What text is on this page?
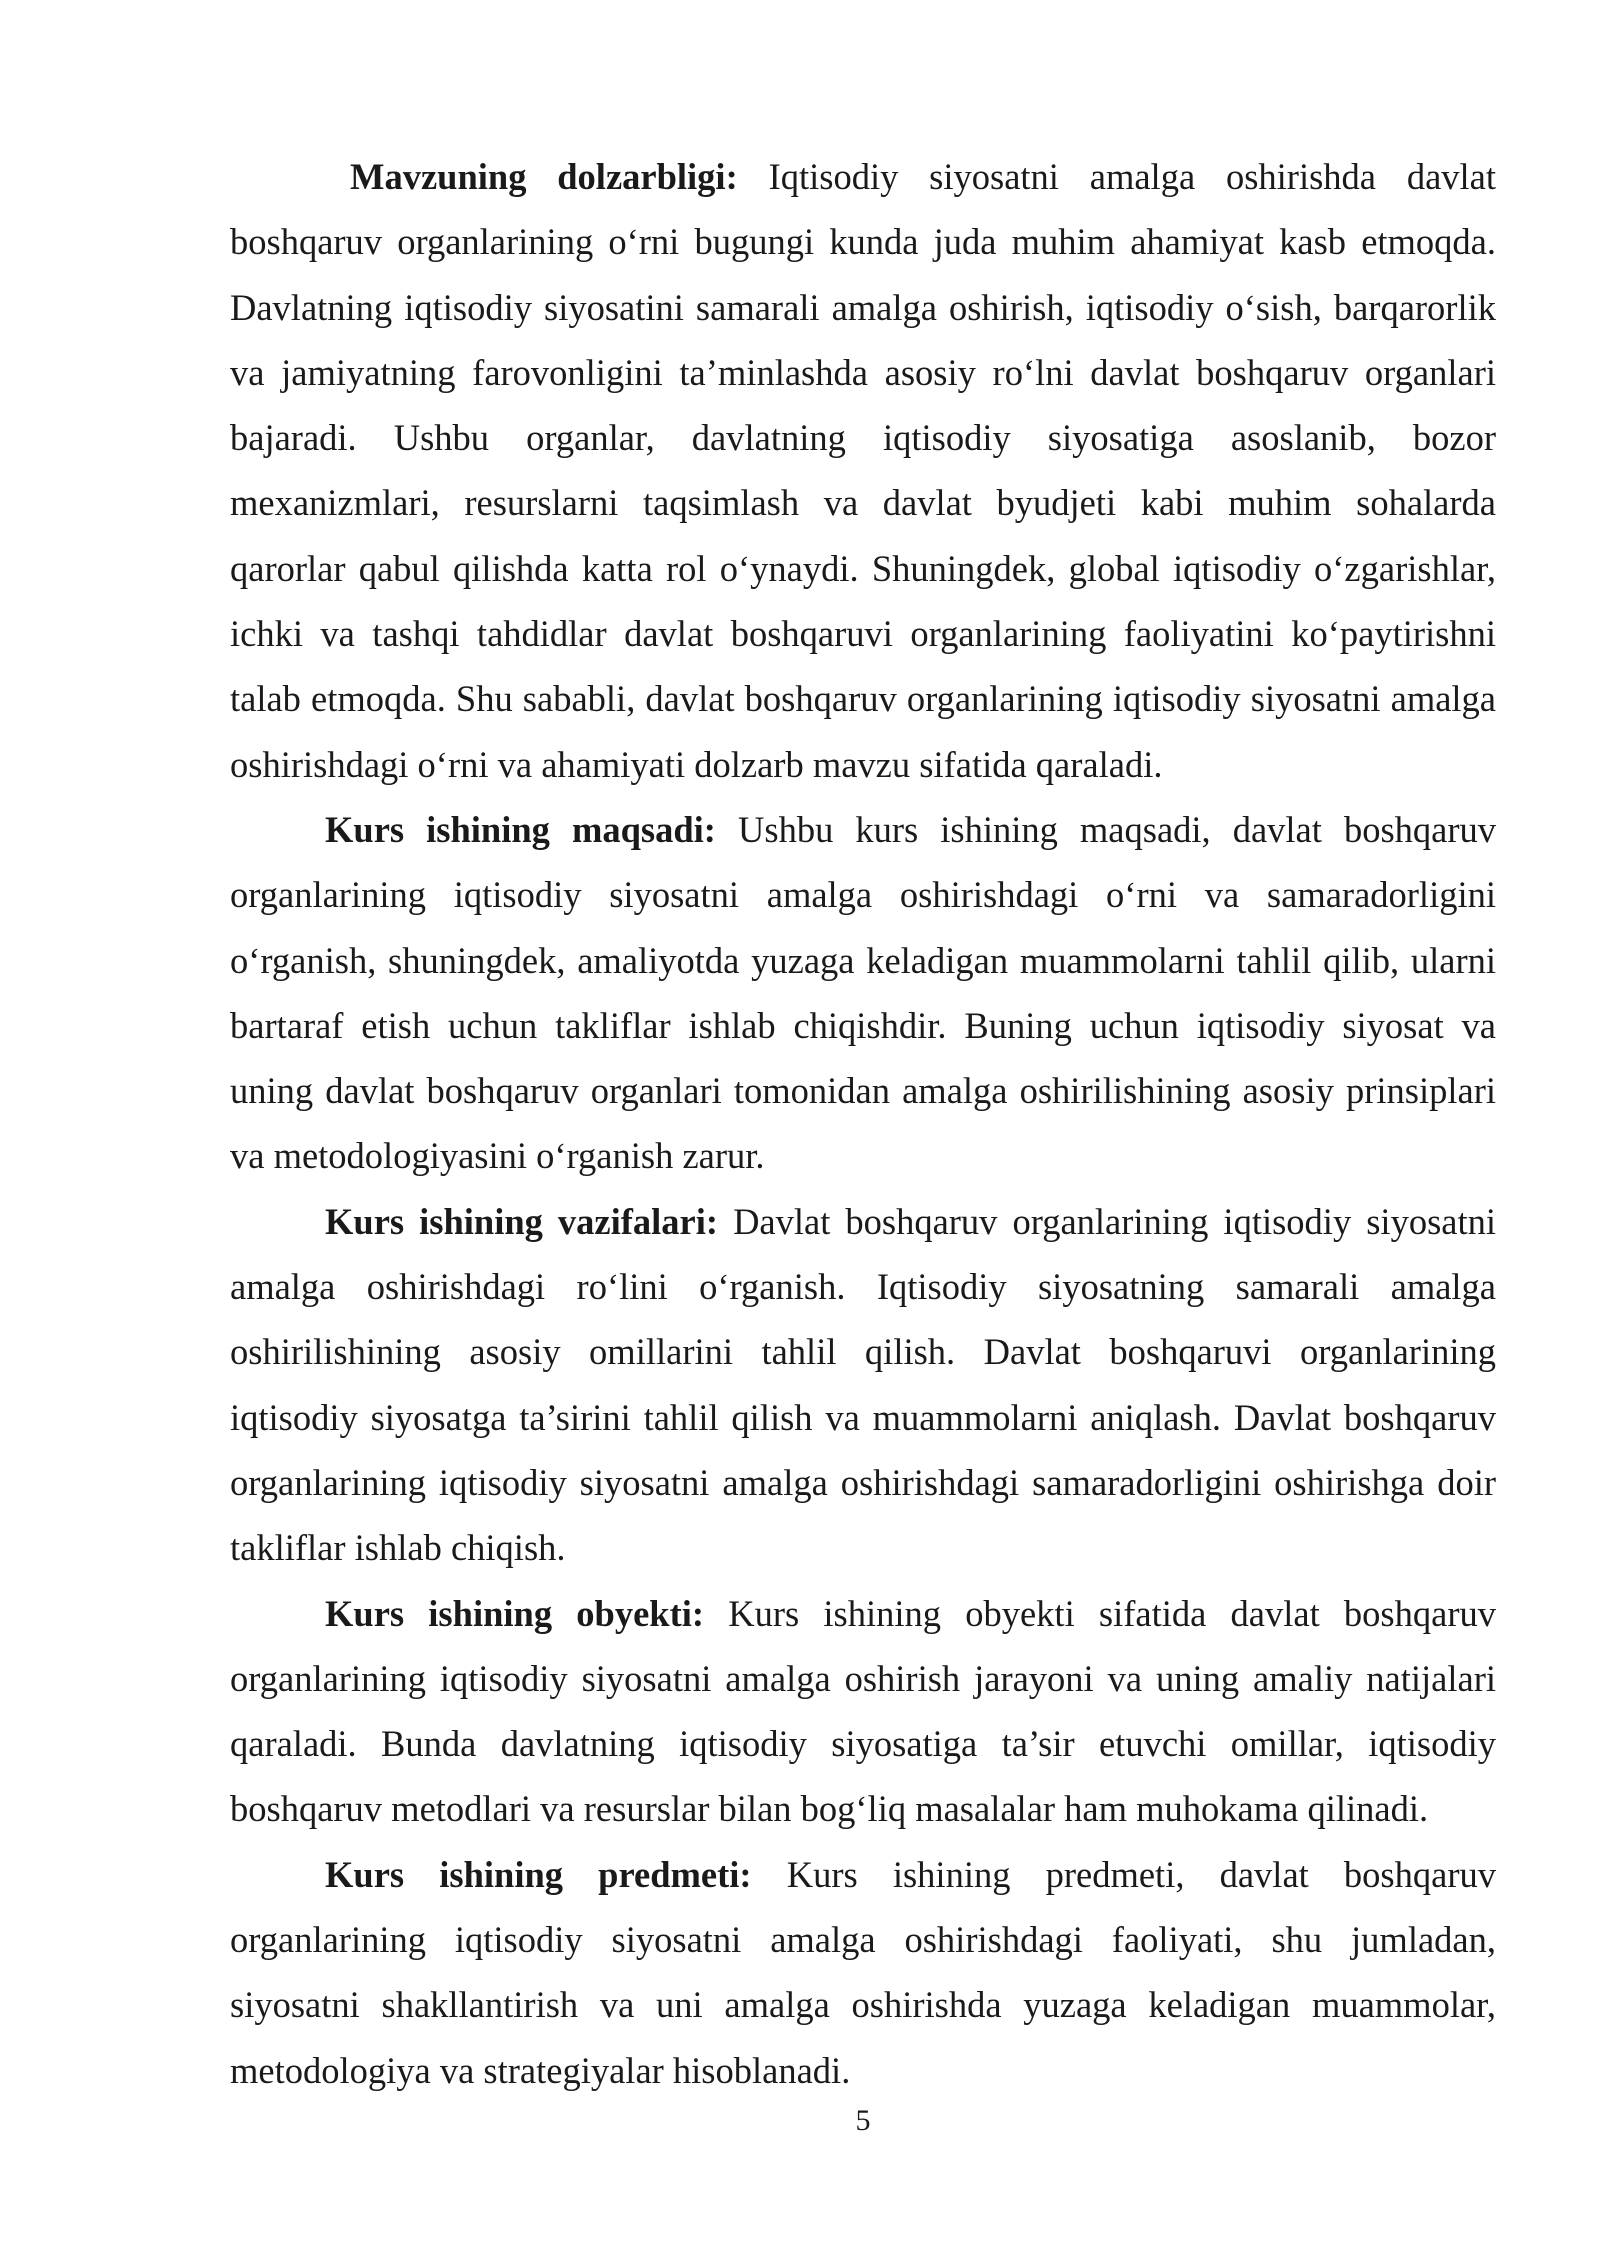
Mavzuning dolzarbligi: Iqtisodiy siyosatni amalga oshirishda davlat boshqaruv organlarining o‘rni bugungi kunda juda muhim ahamiyat kasb etmoqda. Davlatning iqtisodiy siyosatini samarali amalga oshirish, iqtisodiy o‘sish, barqarorlik va jamiyatning farovonligini ta’minlashda asosiy ro‘lni davlat boshqaruv organlari bajaradi. Ushbu organlar, davlatning iqtisodiy siyosatiga asoslanib, bozor mexanizmlari, resurslarni taqsimlash va davlat byudjeti kabi muhim sohalarda qarorlar qabul qilishda katta rol o‘ynaydi. Shuningdek, global iqtisodiy o‘zgarishlar, ichki va tashqi tahdidlar davlat boshqaruvi organlarining faoliyatini ko‘paytirishni talab etmoqda. Shu sababli, davlat boshqaruv organlarining iqtisodiy siyosatni amalga oshirishdagi o‘rni va ahamiyati dolzarb mavzu sifatida qaraladi.

Kurs ishining maqsadi: Ushbu kurs ishining maqsadi, davlat boshqaruv organlarining iqtisodiy siyosatni amalga oshirishdagi o‘rni va samaradorligini o‘rganish, shuningdek, amaliyotda yuzaga keladigan muammolarni tahlil qilib, ularni bartaraf etish uchun takliflar ishlab chiqishdir. Buning uchun iqtisodiy siyosat va uning davlat boshqaruv organlari tomonidan amalga oshirilishining asosiy prinsiplari va metodologiyasini o‘rganish zarur.

Kurs ishining vazifalari: Davlat boshqaruv organlarining iqtisodiy siyosatni amalga oshirishdagi ro‘lini o‘rganish. Iqtisodiy siyosatning samarali amalga oshirilishining asosiy omillarini tahlil qilish. Davlat boshqaruvi organlarining iqtisodiy siyosatga ta’sirini tahlil qilish va muammolarni aniqlash. Davlat boshqaruv organlarining iqtisodiy siyosatni amalga oshirishdagi samaradorligini oshirishga doir takliflar ishlab chiqish.

Kurs ishining obyekti: Kurs ishining obyekti sifatida davlat boshqaruv organlarining iqtisodiy siyosatni amalga oshirish jarayoni va uning amaliy natijalari qaraladi. Bunda davlatning iqtisodiy siyosatiga ta’sir etuvchi omillar, iqtisodiy boshqaruv metodlari va resurslar bilan bog‘liq masalalar ham muhokama qilinadi.

Kurs ishining predmeti: Kurs ishining predmeti, davlat boshqaruv organlarining iqtisodiy siyosatni amalga oshirishdagi faoliyati, shu jumladan, siyosatni shakllantirish va uni amalga oshirishda yuzaga keladigan muammolar, metodologiya va strategiyalar hisoblanadi.

5
